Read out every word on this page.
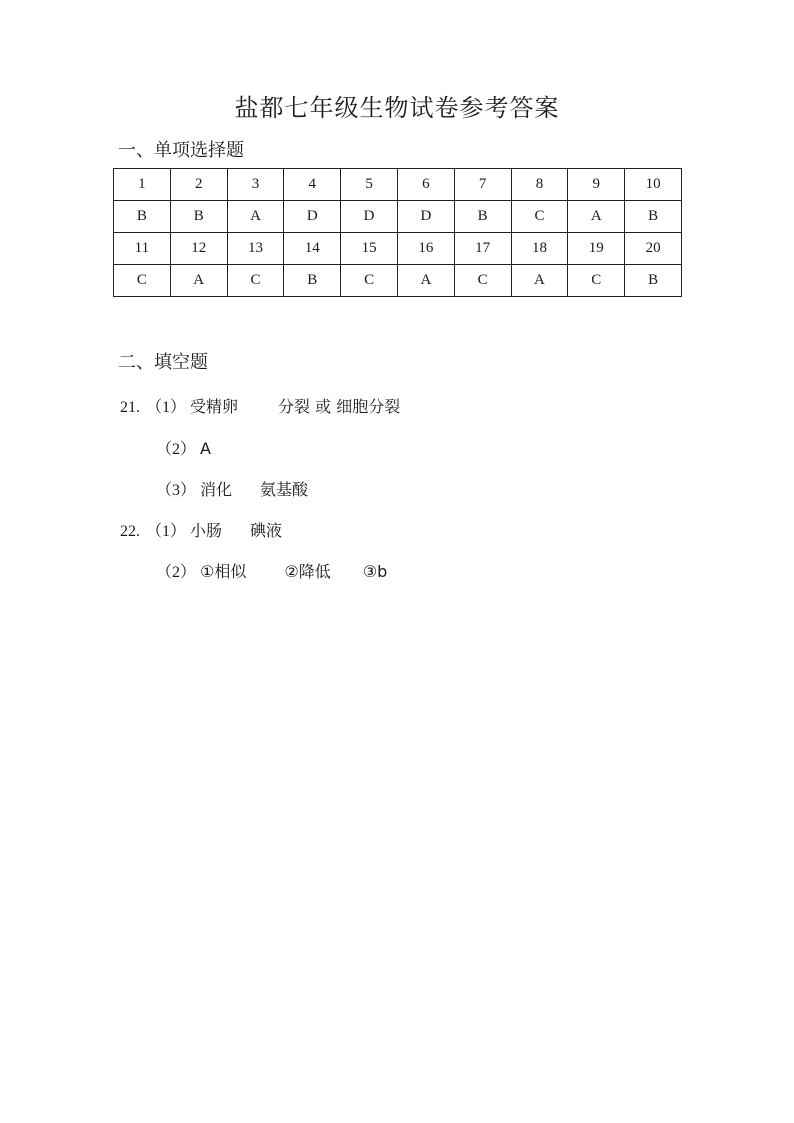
盐都七年级生物试卷参考答案
一、单项选择题
1	2	3	4	5	6	7	8	9	10
B	B	A	D	D	D	B	C	A	B
11	12	13	14	15	16	17	18	19	20
C	A	C	B	C	A	C	A	C	B
二、填空题
21. （1） 受精卵	分裂 或 细胞分裂
（2） A
（3） 消化 氨基酸
22. （1） 小肠 碘液
（2） ①相似 ②降低 ③b
